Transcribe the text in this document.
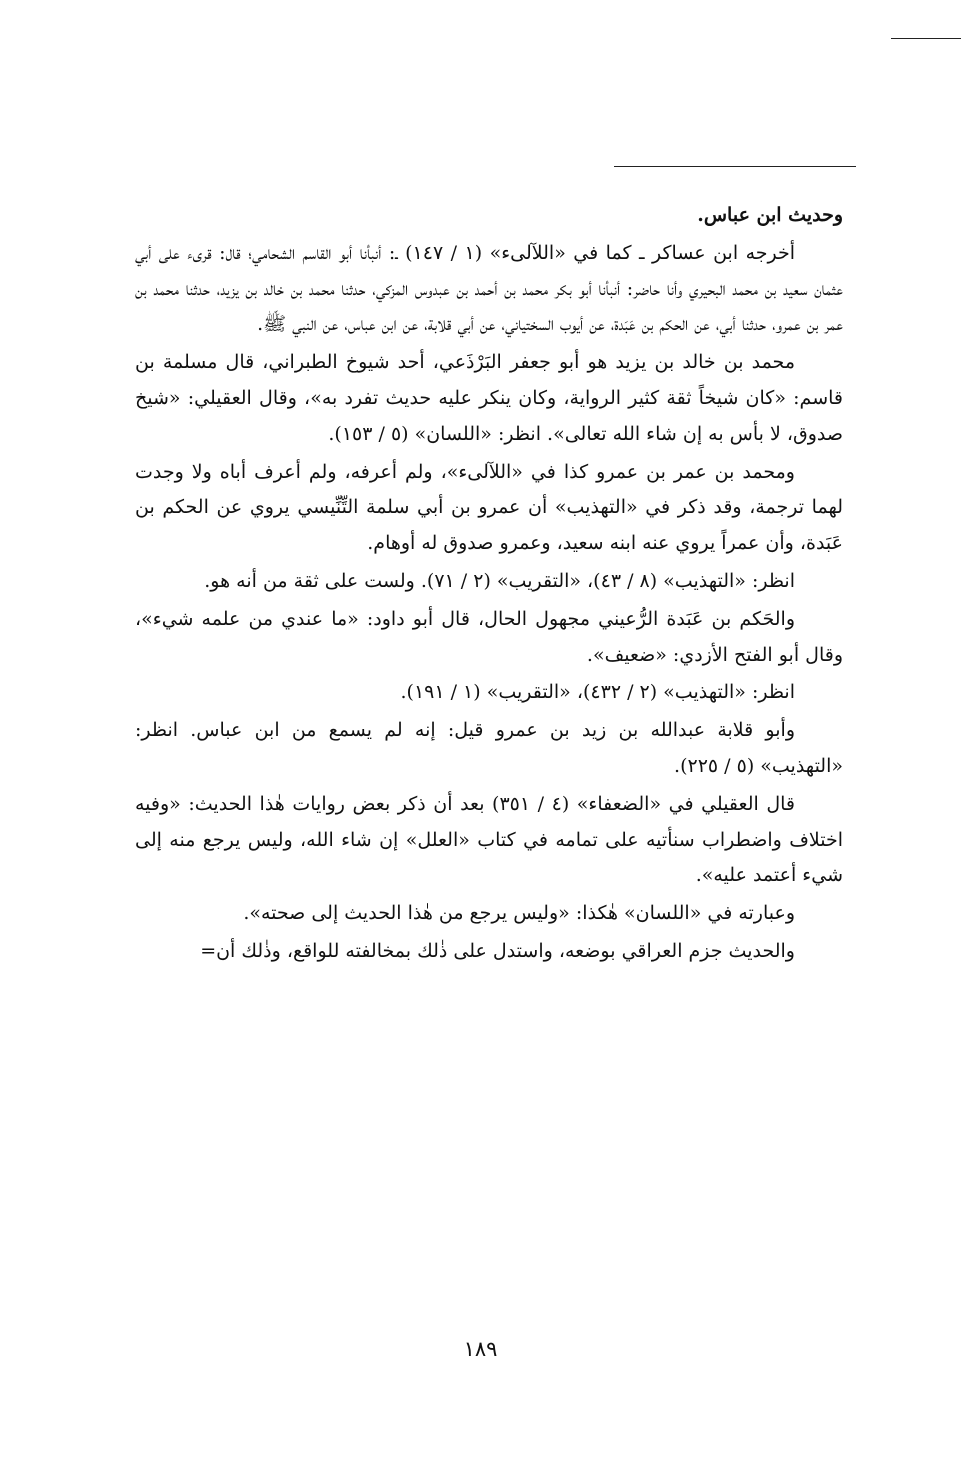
وحديث ابن عباس.

أخرجه ابن عساكر ـ كما في «اللآلىء» (١ / ١٤٧) ـ: أنبأنا أبو القاسم الشحامي؛ قال: قرىء على أبي عثمان سعيد بن محمد البحيري وأنا حاضر: أنبأنا أبو بكر محمد بن أحمد بن عبدوس المزكي، حدثنا محمد بن خالد بن يزيد، حدثنا محمد بن عمر بن عمرو، حدثنا أبي، عن الحكم بن عَبَدة، عن أيوب السختياني، عن أبي قلابة، عن ابن عباس، عن النبي ﷺ.

محمد بن خالد بن يزيد هو أبو جعفر البَرْذَعي، أحد شيوخ الطبراني، قال مسلمة بن قاسم: «كان شيخاً ثقة كثير الرواية، وكان ينكر عليه حديث تفرد به»، وقال العقيلي: «شيخ صدوق، لا بأس به إن شاء الله تعالى». انظر: «اللسان» (٥ / ١٥٣).

ومحمد بن عمر بن عمرو كذا في «اللآلىء»، ولم أعرفه، ولم أعرف أباه ولا وجدت لهما ترجمة، وقد ذكر في «التهذيب» أن عمرو بن أبي سلمة التِّنِّيسي يروي عن الحكم بن عَبَدة، وأن عمراً يروي عنه ابنه سعيد، وعمرو صدوق له أوهام.

انظر: «التهذيب» (٨ / ٤٣)، «التقريب» (٢ / ٧١). ولست على ثقة من أنه هو.

والحَكم بن عَبَدة الرُّعيني مجهول الحال، قال أبو داود: «ما عندي من علمه شيء»، وقال أبو الفتح الأزدي: «ضعيف».

انظر: «التهذيب» (٢ / ٤٣٢)، «التقريب» (١ / ١٩١).

وأبو قلابة عبدالله بن زيد بن عمرو قيل: إنه لم يسمع من ابن عباس. انظر: «التهذيب» (٥ / ٢٢٥).

قال العقيلي في «الضعفاء» (٤ / ٣٥١) بعد أن ذكر بعض روايات هٰذا الحديث: «وفيه اختلاف واضطراب سنأتيه على تمامه في كتاب «العلل» إن شاء الله، وليس يرجع منه إلى شيء أعتمد عليه».

وعبارته في «اللسان» هٰكذا: «وليس يرجع من هٰذا الحديث إلى صحته».

والحديث جزم العراقي بوضعه، واستدل على ذٰلك بمخالفته للواقع، وذٰلك أن=

١٨٩
